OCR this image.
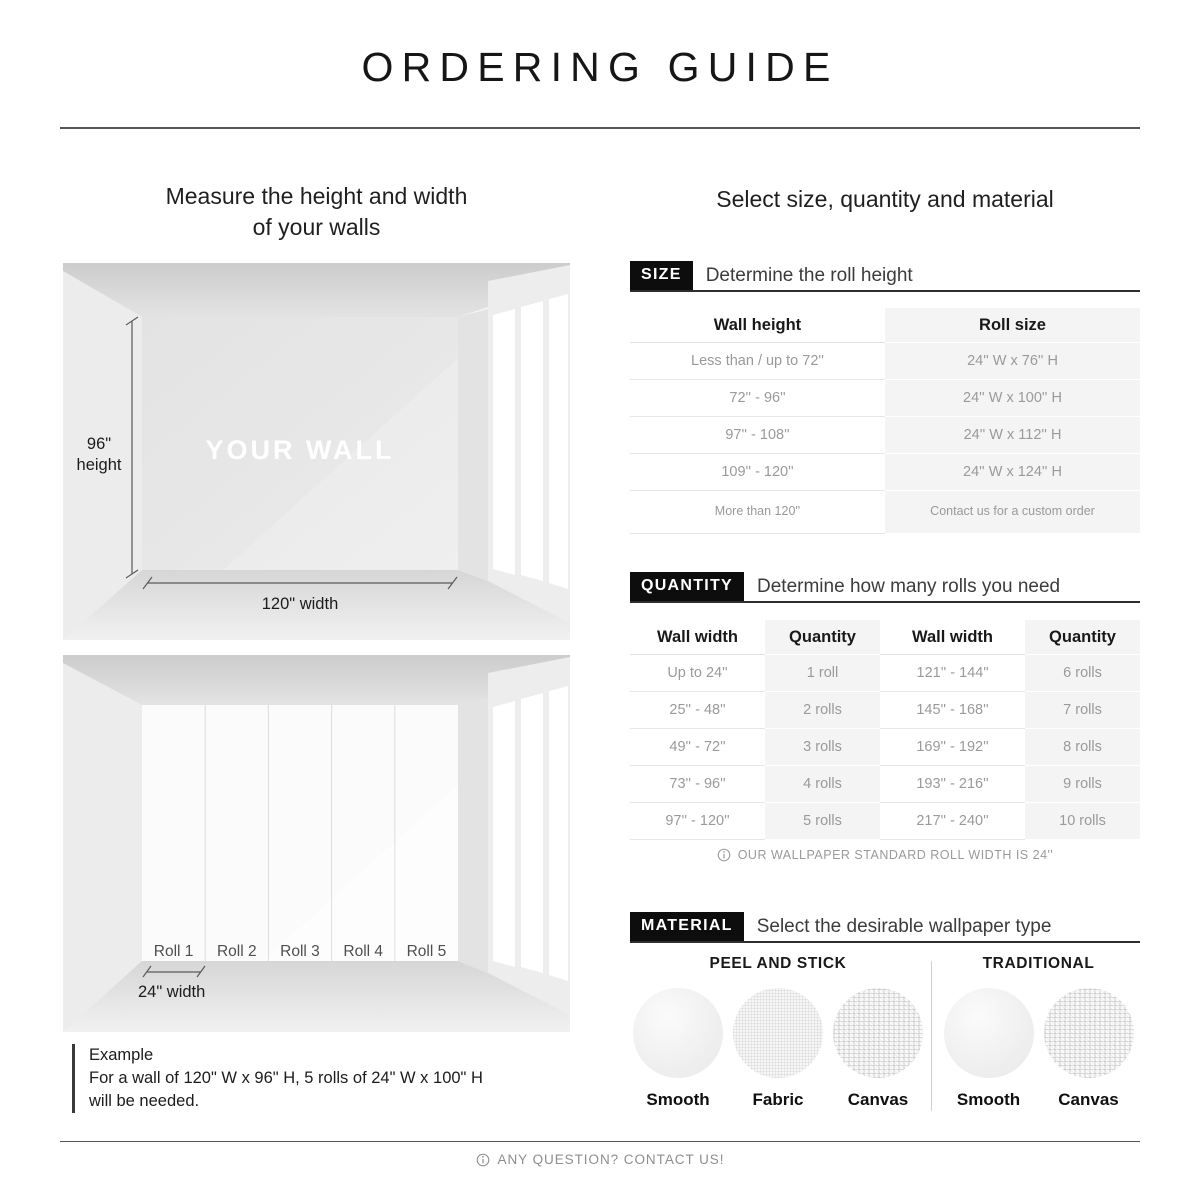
ORDERING GUIDE
Measure the height and width
of your walls
Select size, quantity and material
96"
height
120" width
YOUR WALL
Roll 1 Roll 2 Roll 3 Roll 4 Roll 5
24" width
Example
For a wall of 120" W x 96" H, 5 rolls of 24" W x 100" H
will be needed.
SIZE	Determine the roll height
Wall height	Roll size
Less than / up to 72''	24'' W x 76'' H
72'' - 96''	24'' W x 100'' H
97'' - 108''	24'' W x 112'' H
109'' - 120''	24'' W x 124'' H
More than 120''	Contact us for a custom order
QUANTITY	Determine how many rolls you need
Wall width	Quantity	Wall width	Quantity
Up to 24''	1 roll	121'' - 144"	6 rolls
25'' - 48''	2 rolls	145'' - 168''	7 rolls
49'' - 72''	3 rolls	169'' - 192''	8 rolls
73'' - 96''	4 rolls	193'' - 216''	9 rolls
97'' - 120''	5 rolls	217'' - 240''	10 rolls
OUR WALLPAPER STANDARD ROLL WIDTH IS 24''
MATERIAL	Select the desirable wallpaper type
PEEL AND STICK
Smooth	Fabric	Canvas
TRADITIONAL
Smooth Canvas
ANY QUESTION? CONTACT US!
